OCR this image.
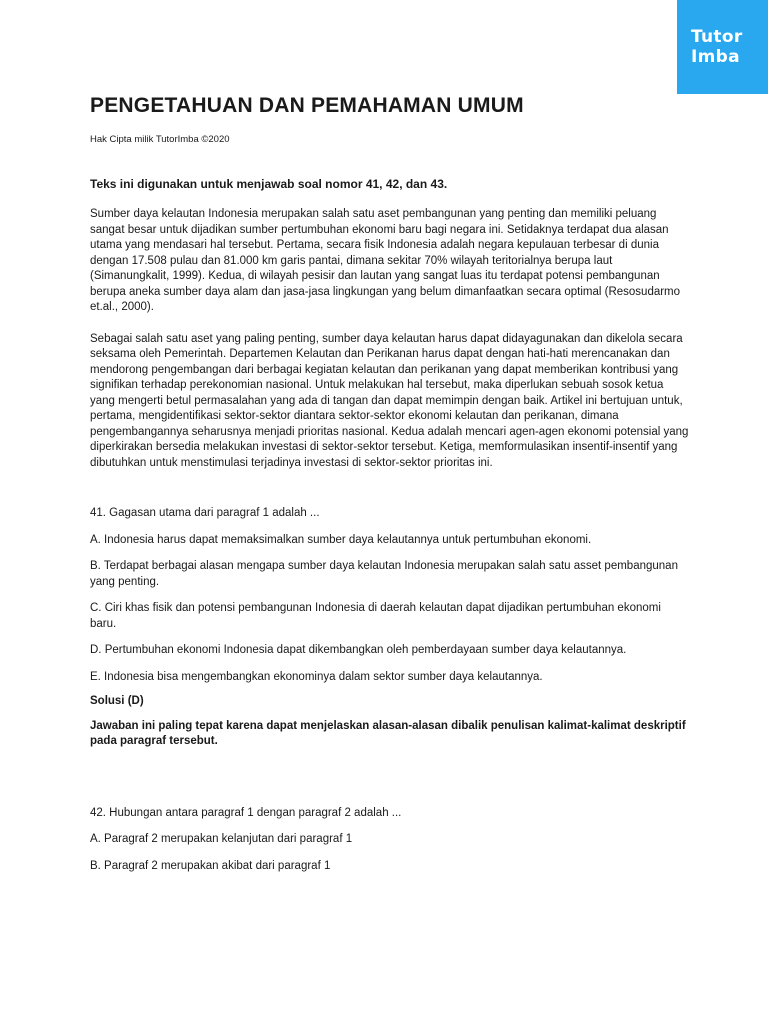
Tutor
Imba
PENGETAHUAN DAN PEMAHAMAN UMUM

Hak Cipta milik TutorImba ©2020

Teks ini digunakan untuk menjawab soal nomor 41, 42, dan 43.

Sumber daya kelautan Indonesia merupakan salah satu aset pembangunan yang penting dan memiliki peluang sangat besar untuk dijadikan sumber pertumbuhan ekonomi baru bagi negara ini. Setidaknya terdapat dua alasan utama yang mendasari hal tersebut. Pertama, secara fisik Indonesia adalah negara kepulauan terbesar di dunia dengan 17.508 pulau dan 81.000 km garis pantai, dimana sekitar 70% wilayah teritorialnya berupa laut (Simanungkalit, 1999). Kedua, di wilayah pesisir dan lautan yang sangat luas itu terdapat potensi pembangunan berupa aneka sumber daya alam dan jasa-jasa lingkungan yang belum dimanfaatkan secara optimal (Resosudarmo et.al., 2000).

Sebagai salah satu aset yang paling penting, sumber daya kelautan harus dapat didayagunakan dan dikelola secara seksama oleh Pemerintah. Departemen Kelautan dan Perikanan harus dapat dengan hati-hati merencanakan dan mendorong pengembangan dari berbagai kegiatan kelautan dan perikanan yang dapat memberikan kontribusi yang signifikan terhadap perekonomian nasional. Untuk melakukan hal tersebut, maka diperlukan sebuah sosok ketua yang mengerti betul permasalahan yang ada di tangan dan dapat memimpin dengan baik. Artikel ini bertujuan untuk, pertama, mengidentifikasi sektor-sektor diantara sektor-sektor ekonomi kelautan dan perikanan, dimana pengembangannya seharusnya menjadi prioritas nasional. Kedua adalah mencari agen-agen ekonomi potensial yang diperkirakan bersedia melakukan investasi di sektor-sektor tersebut. Ketiga, memformulasikan insentif-insentif yang dibutuhkan untuk menstimulasi terjadinya investasi di sektor-sektor prioritas ini.

41. Gagasan utama dari paragraf 1 adalah ...

A. Indonesia harus dapat memaksimalkan sumber daya kelautannya untuk pertumbuhan ekonomi.

B. Terdapat berbagai alasan mengapa sumber daya kelautan Indonesia merupakan salah satu asset pembangunan yang penting.

C. Ciri khas fisik dan potensi pembangunan Indonesia di daerah kelautan dapat dijadikan pertumbuhan ekonomi baru.

D. Pertumbuhan ekonomi Indonesia dapat dikembangkan oleh pemberdayaan sumber daya kelautannya.

E. Indonesia bisa mengembangkan ekonominya dalam sektor sumber daya kelautannya.

Solusi (D)

Jawaban ini paling tepat karena dapat menjelaskan alasan-alasan dibalik penulisan kalimat-kalimat deskriptif pada paragraf tersebut.

42. Hubungan antara paragraf 1 dengan paragraf 2 adalah ...

A. Paragraf 2 merupakan kelanjutan dari paragraf 1

B. Paragraf 2 merupakan akibat dari paragraf 1
